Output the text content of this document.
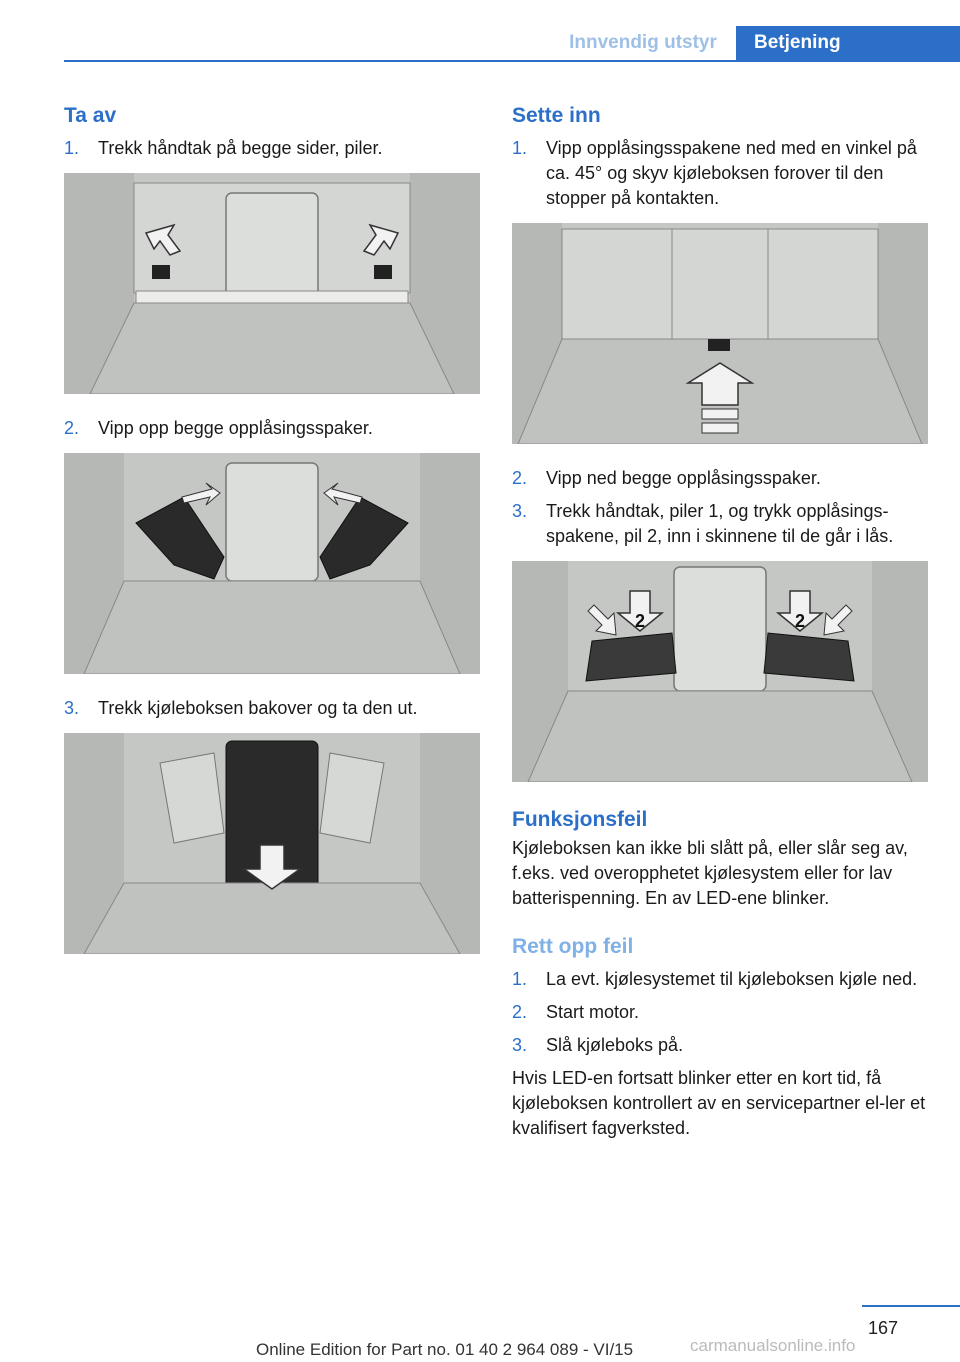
Innvendig utstyr	Betjening
Ta av
1. Trekk håndtak på begge sider, piler.
2. Vipp opp begge opplåsingsspaker.
3. Trekk kjøleboksen bakover og ta den ut.
Sette inn
1. Vipp opplåsingsspakene ned med en vinkel på ca. 45° og skyv kjøleboksen forover til den stopper på kontakten.
2. Vipp ned begge opplåsingsspaker.
3. Trekk håndtak, piler 1, og trykk opplåsings‐spakene, pil 2, inn i skinnene til de går i lås.
2	2
Funksjonsfeil

Kjøleboksen kan ikke bli slått på, eller slår seg av, f.eks. ved overopphetet kjølesystem eller for lav batterispenning. En av LED-ene blinker.

Rett opp feil
1. La evt. kjølesystemet til kjøleboksen kjøle ned.
2. Start motor.
3. Slå kjøleboks på.

Hvis LED-en fortsatt blinker etter en kort tid, få kjøleboksen kontrollert av en servicepartner el‐ler et kvalifisert fagverksted.

167
Online Edition for Part no. 01 40 2 964 089 - VI/15	carmanualsonline.info
